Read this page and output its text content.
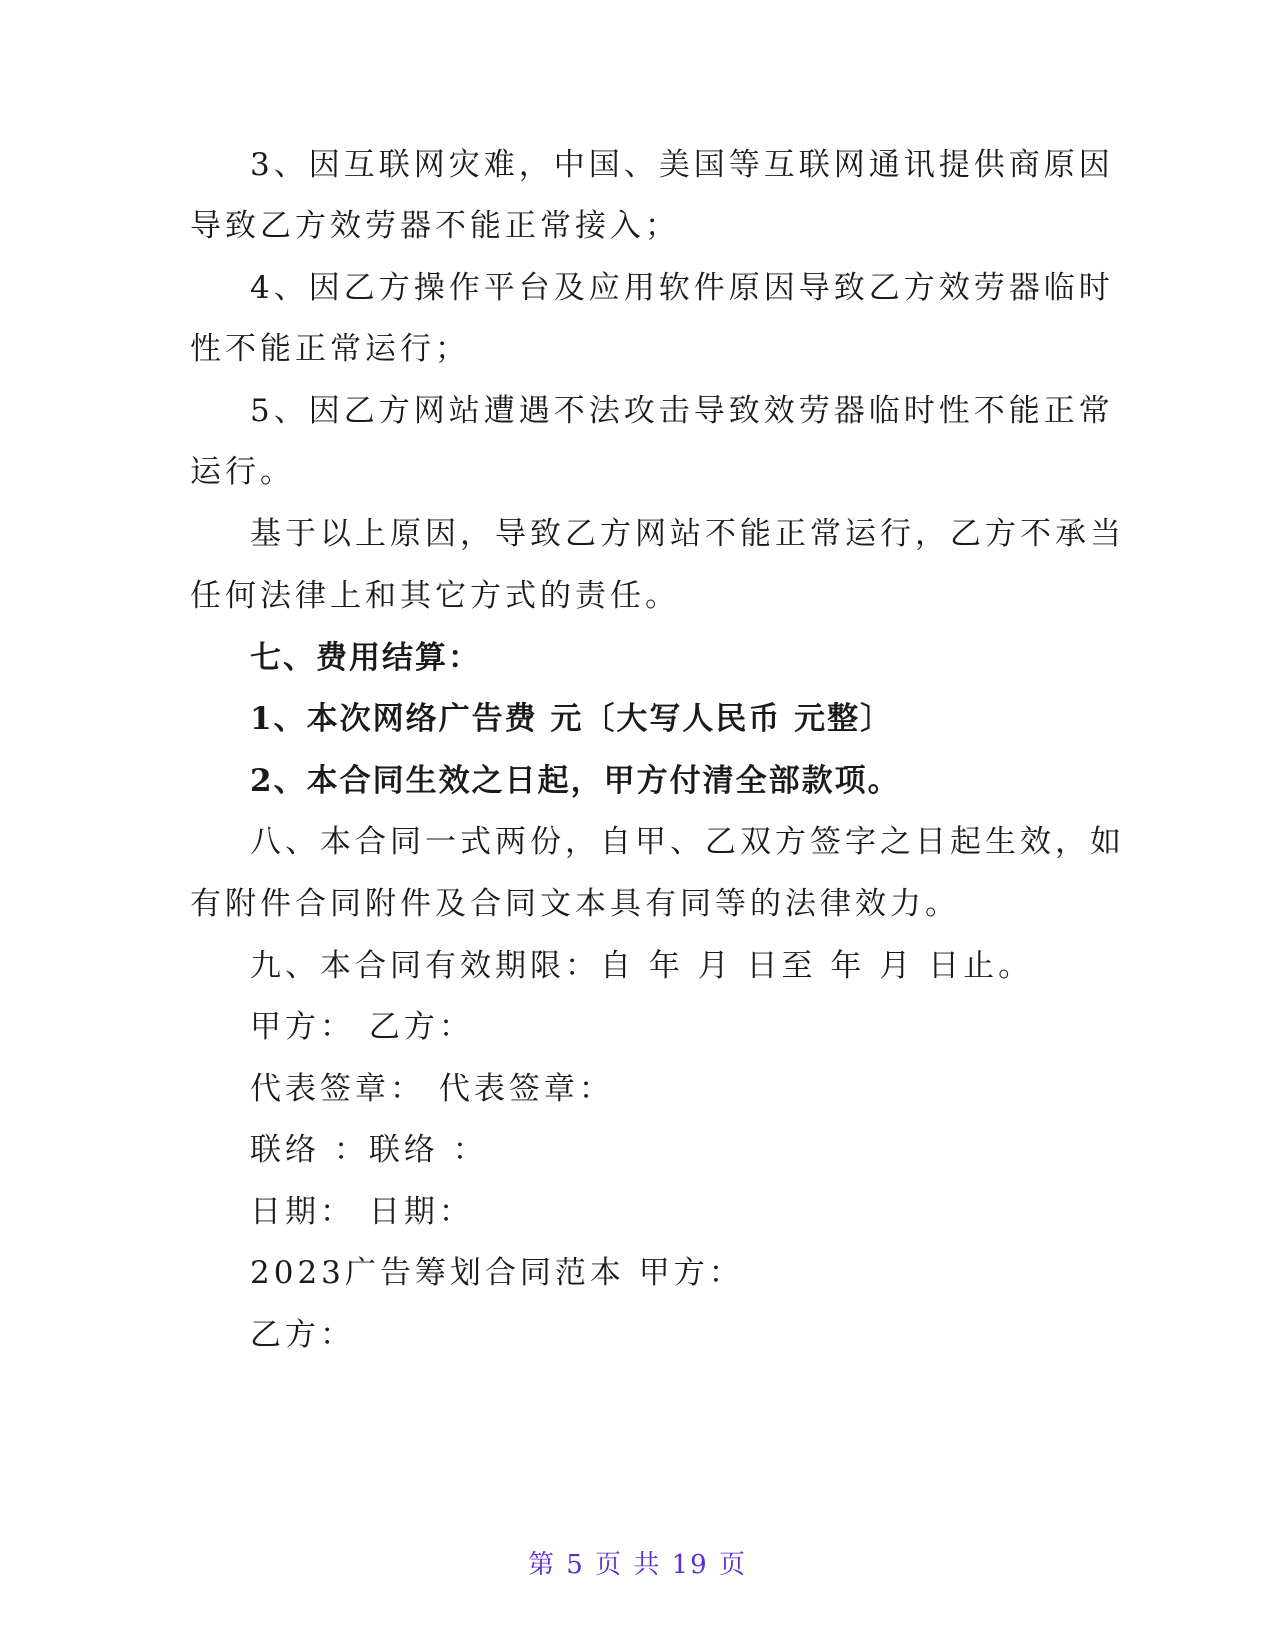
3、因互联网灾难，中国、美国等互联网通讯提供商原因
导致乙方效劳器不能正常接入；
4、因乙方操作平台及应用软件原因导致乙方效劳器临时
性不能正常运行；
5、因乙方网站遭遇不法攻击导致效劳器临时性不能正常
运行。
基于以上原因，导致乙方网站不能正常运行，乙方不承当
任何法律上和其它方式的责任。
七、费用结算：
1、本次网络广告费 元〔大写人民币 元整〕
2、本合同生效之日起，甲方付清全部款项。
八、本合同一式两份，自甲、乙双方签字之日起生效，如
有附件合同附件及合同文本具有同等的法律效力。
九、本合同有效期限：自 年 月 日至 年 月 日止。
甲方： 乙方：
代表签章： 代表签章：
联络 ：联络 ：
日期： 日期：
2023广告筹划合同范本 甲方：
乙方：
第 5 页 共 19 页
